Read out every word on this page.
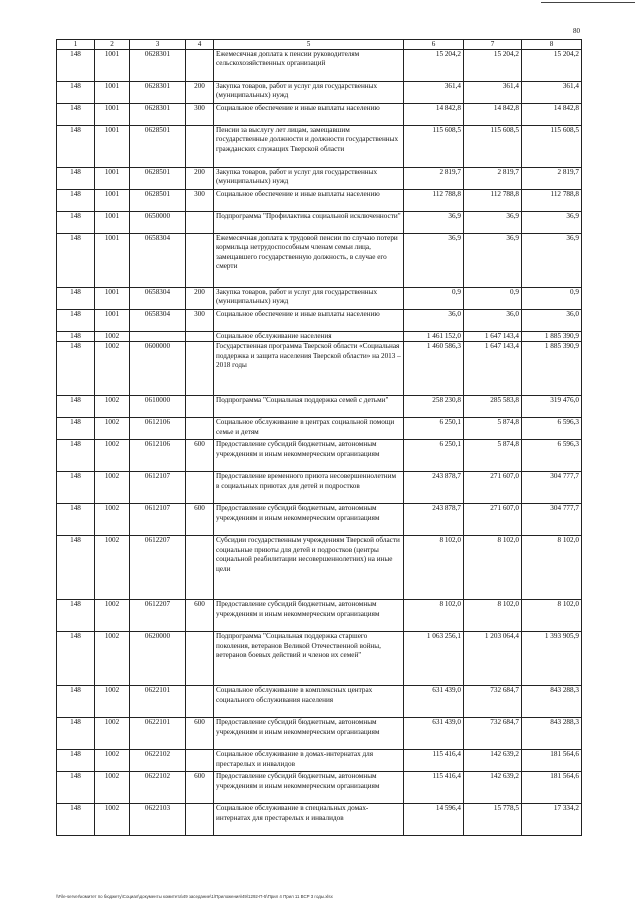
80
1	2	3	4	5	6	7	8
148	1001	0628301		Ежемесячная доплата к пенсии руководителям сельскохозяйственных организаций	15 204,2	15 204,2	15 204,2
148	1001	0628301	200	Закупка товаров, работ и услуг для государственных (муниципальных) нужд	361,4	361,4	361,4
148	1001	0628301	300	Социальное обеспечение и иные выплаты населению	14 842,8	14 842,8	14 842,8
148	1001	0628501		Пенсии за выслугу лет лицам, замещавшим государственные должности и должности государственных гражданских служащих Тверской области	115 608,5	115 608,5	115 608,5
148	1001	0628501	200	Закупка товаров, работ и услуг для государственных (муниципальных) нужд	2 819,7	2 819,7	2 819,7
148	1001	0628501	300	Социальное обеспечение и иные выплаты населению	112 788,8	112 788,8	112 788,8
148	1001	0650000		Подпрограмма "Профилактика социальной исключенности"	36,9	36,9	36,9
148	1001	0658304		Ежемесячная доплата к трудовой пенсии по случаю потери кормильца нетрудоспособным членам семьи лица, замещавшего государственную должность, в случае его смерти	36,9	36,9	36,9
148	1001	0658304	200	Закупка товаров, работ и услуг для государственных (муниципальных) нужд	0,9	0,9	0,9
148	1001	0658304	300	Социальное обеспечение и иные выплаты населению	36,0	36,0	36,0
148	1002			Социальное обслуживание населения	1 461 152,0	1 647 143,4	1 885 390,9
148	1002	0600000		Государственная программа Тверской области «Социальная поддержка и защита населения Тверской области» на 2013 – 2018 годы	1 460 586,3	1 647 143,4	1 885 390,9
148	1002	0610000		Подпрограмма "Социальная поддержка семей с детьми"	258 230,8	285 583,8	319 476,0
148	1002	0612106		Социальное обслуживание в центрах социальной помощи семье и детям	6 250,1	5 874,8	6 596,3
148	1002	0612106	600	Предоставление субсидий бюджетным, автономным учреждениям и иным некоммерческим организациям	6 250,1	5 874,8	6 596,3
148	1002	0612107		Предоставление временного приюта несовершеннолетним в социальных приютах для детей и подростков	243 878,7	271 607,0	304 777,7
148	1002	0612107	600	Предоставление субсидий бюджетным, автономным учреждениям и иным некоммерческим организациям	243 878,7	271 607,0	304 777,7
148	1002	0612207		Субсидии государственным учреждениям Тверской области социальные приюты для детей и подростков (центры социальной реабилитации несовершеннолетних) на иные цели	8 102,0	8 102,0	8 102,0
148	1002	0612207	600	Предоставление субсидий бюджетным, автономным учреждениям и иным некоммерческим организациям	8 102,0	8 102,0	8 102,0
148	1002	0620000		Подпрограмма "Социальная поддержка старшего поколения, ветеранов Великой Отечественной войны, ветеранов боевых действий и членов их семей"	1 063 256,1	1 203 064,4	1 393 905,9
148	1002	0622101		Социальное обслуживание в комплексных центрах социального обслуживания населения	631 439,0	732 684,7	843 288,3
148	1002	0622101	600	Предоставление субсидий бюджетным, автономным учреждениям и иным некоммерческим организациям	631 439,0	732 684,7	843 288,3
148	1002	0622102		Социальное обслуживание в домах-интернатах для престарелых и инвалидов	115 416,4	142 639,2	181 564,6
148	1002	0622102	600	Предоставление субсидий бюджетным, автономным учреждениям и иным некоммерческим организациям	115 416,4	142 639,2	181 564,6
148	1002	0622103		Социальное обслуживание в специальных домах-интернатах для престарелых и инвалидов	14 596,4	15 778,5	17 334,2
\\File-server\комитет по бюджету\Социал\документы комитета\49 заседание\1\Приложения\49\1292-П-5\Прил 4 Прил 11 ВСР 3 годы.xlsx
